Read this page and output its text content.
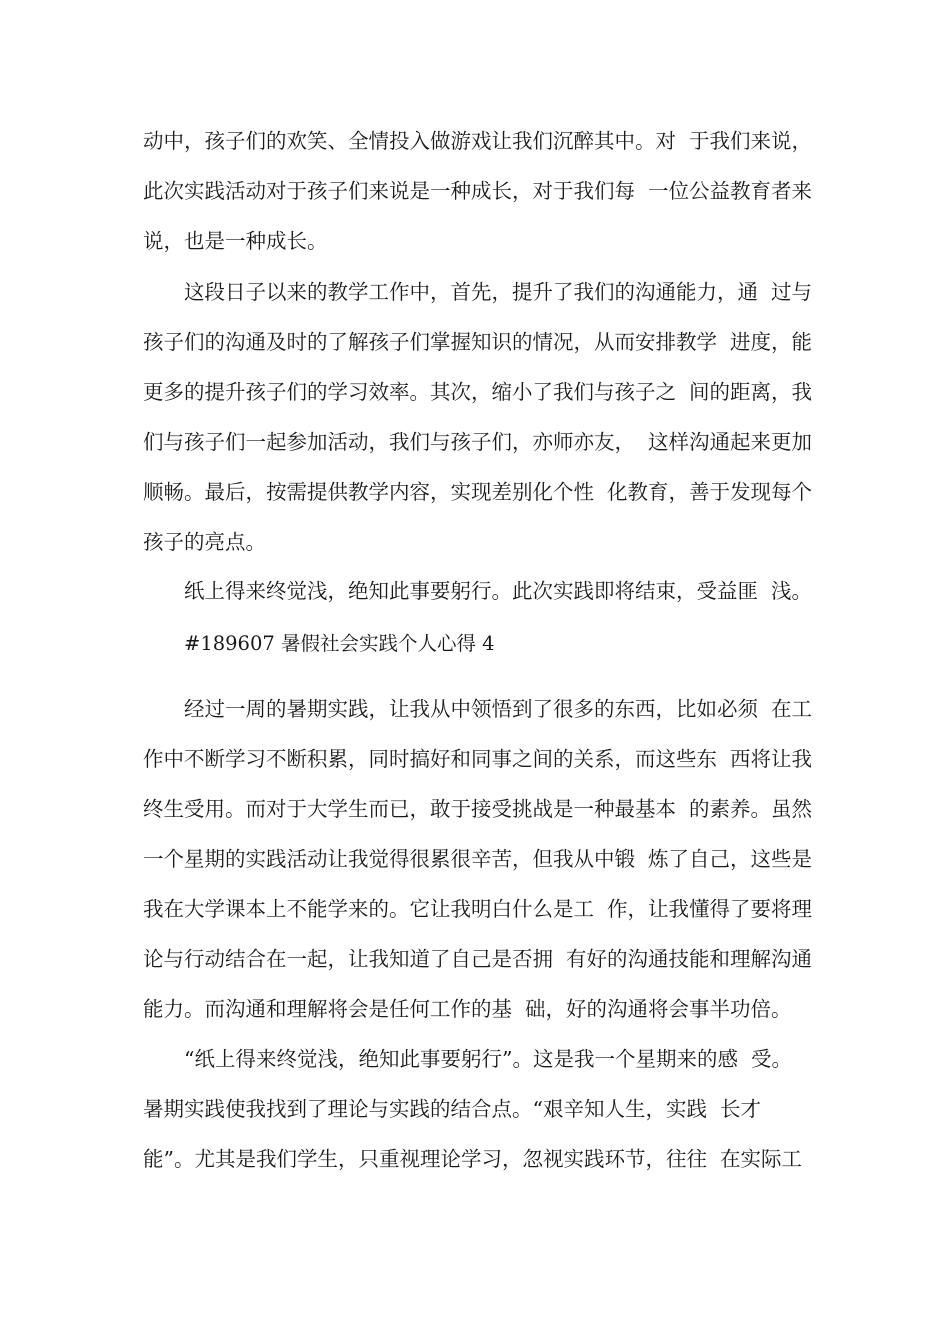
动中，孩子们的欢笑、全情投入做游戏让我们沉醉其中。对  于我们来说，

此次实践活动对于孩子们来说是一种成长，对于我们每  一位公益教育者来

说，也是一种成长。

这段日子以来的教学工作中，首先，提升了我们的沟通能力，通  过与

孩子们的沟通及时的了解孩子们掌握知识的情况，从而安排教学  进度，能

更多的提升孩子们的学习效率。其次，缩小了我们与孩子之  间的距离，我

们与孩子们一起参加活动，我们与孩子们，亦师亦友，  这样沟通起来更加

顺畅。最后，按需提供教学内容，实现差别化个性  化教育，善于发现每个

孩子的亮点。

纸上得来终觉浅，绝知此事要躬行。此次实践即将结束，受益匪  浅。

#189607 暑假社会实践个人心得 4

经过一周的暑期实践，让我从中领悟到了很多的东西，比如必须  在工

作中不断学习不断积累，同时搞好和同事之间的关系，而这些东  西将让我

终生受用。而对于大学生而已，敢于接受挑战是一种最基本  的素养。虽然

一个星期的实践活动让我觉得很累很辛苦，但我从中锻  炼了自己，这些是

我在大学课本上不能学来的。它让我明白什么是工  作，让我懂得了要将理

论与行动结合在一起，让我知道了自己是否拥  有好的沟通技能和理解沟通

能力。而沟通和理解将会是任何工作的基  础，好的沟通将会事半功倍。

“纸上得来终觉浅，绝知此事要躬行”。这是我一个星期来的感  受。

暑期实践使我找到了理论与实践的结合点。“艰辛知人生，实践  长才

能”。尤其是我们学生，只重视理论学习，忽视实践环节，往往  在实际工
